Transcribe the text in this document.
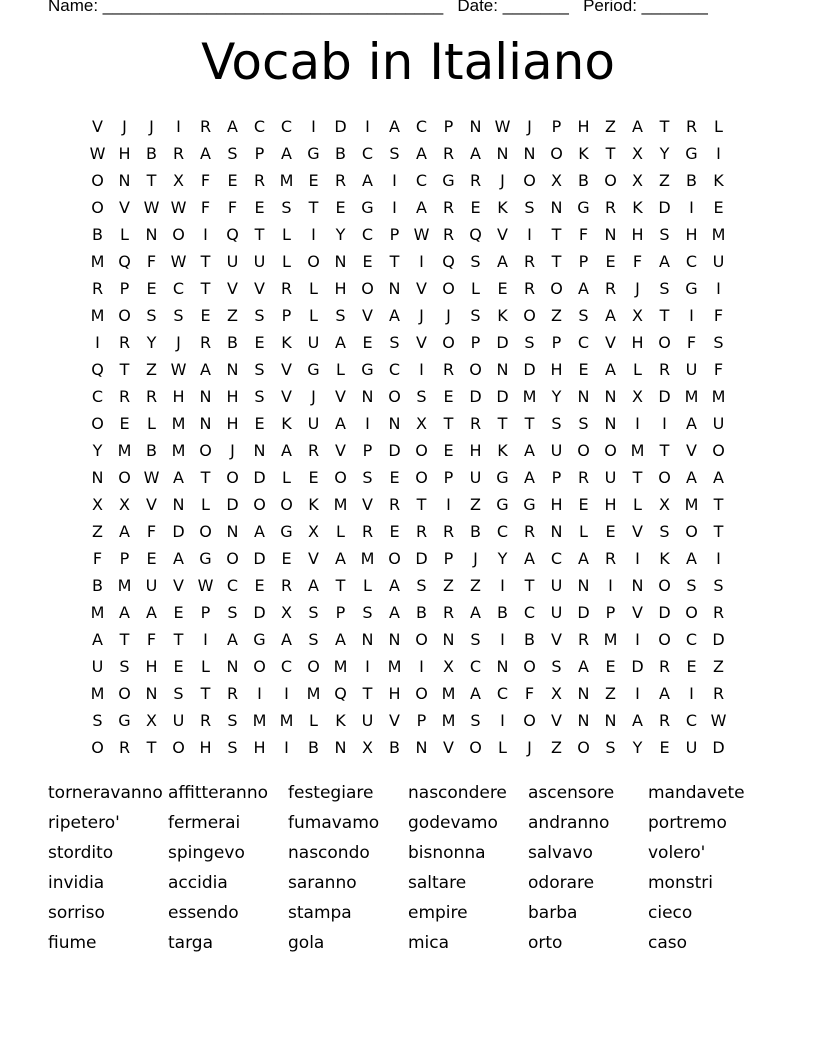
Name: ____________________________________ Date: _______ Period: _______
Vocab in Italiano
V	J	J	I	R A C C	I	D	I	A C	P	N W	J	P	H Z	A	T	R	L
W H B R A	S	P	A G B C	S	A R A N N O K	T	X	Y G	I
O N	T	X	F	E	R M E	R A	I	C G R	J	O X	B O X	Z	B	K
O V W W F	F	E	S	T	E G	I	A R	E	K	S N G R	K D	I	E
B	L	N O	I	Q T	L	I	Y	C	P W R Q V	I	T	F	N H S H M
M Q	F W T	U U	L	O N E	T	I	Q S	A R	T	P	E	F	A C U
R	P	E	C	T	V	V R	L	H O N V O	L	E	R O A R	J	S G	I
M O S	S	E	Z	S	P	L	S	V	A	J	J	S	K O Z	S	A	X	T	I	F
I	R	Y	J	R B	E	K U A	E	S	V O P	D S	P	C V H O	F	S
Q T	Z W A N S	V G	L	G C	I	R O N D H E	A	L	R U	F
C R R H N H S	V	J	V N O S	E D D M Y	N N X D M M
O E	L M N H E	K U A	I	N X	T	R	T	T	S	S N	I	I	A U
Y M B M O	J	N A R V	P	D O E H K	A U O O M T	V O
N O W A	T O D	L	E O S	E O P	U G A	P	R U	T O A	A
X	X	V N	L	D O O K M V R	T	I	Z G G H E H	L	X M T
Z	A	F	D O N A G X	L	R	E	R R B C R N	L	E	V	S O T
F	P	E	A G O D E	V	A M O D	P	J	Y	A C A R	I	K	A	I
B M U V W C	E	R A	T	L	A	S	Z	Z	I	T	U N	I	N O S	S
M A	A	E	P	S D X	S	P	S	A	B R A	B C U D	P	V D O R
A	T	F	T	I	A G A	S	A N N O N S	I	B	V R M	I	O C D
U	S H E	L	N O C O M	I	M	I	X C N O S	A	E D R	E	Z
M O N S	T	R	I	I	M Q T	H O M A C	F	X N Z	I	A	I	R
S G X U R	S M M L	K U V	P M S	I	O V N N A R C W
O R	T O H S H	I	B N X	B N V O	L	J	Z O S	Y	E	U D
torneravanno affitteranno	festegiare	nascondere	ascensore	mandavete
ripetero'	fermerai	fumavamo	godevamo	andranno	portremo
stordito	spingevo	nascondo	bisnonna	salvavo	volero'
invidia	accidia	saranno	saltare	odorare	monstri
sorriso	essendo	stampa	empire	barba	cieco
fiume	targa	gola	mica	orto	caso
